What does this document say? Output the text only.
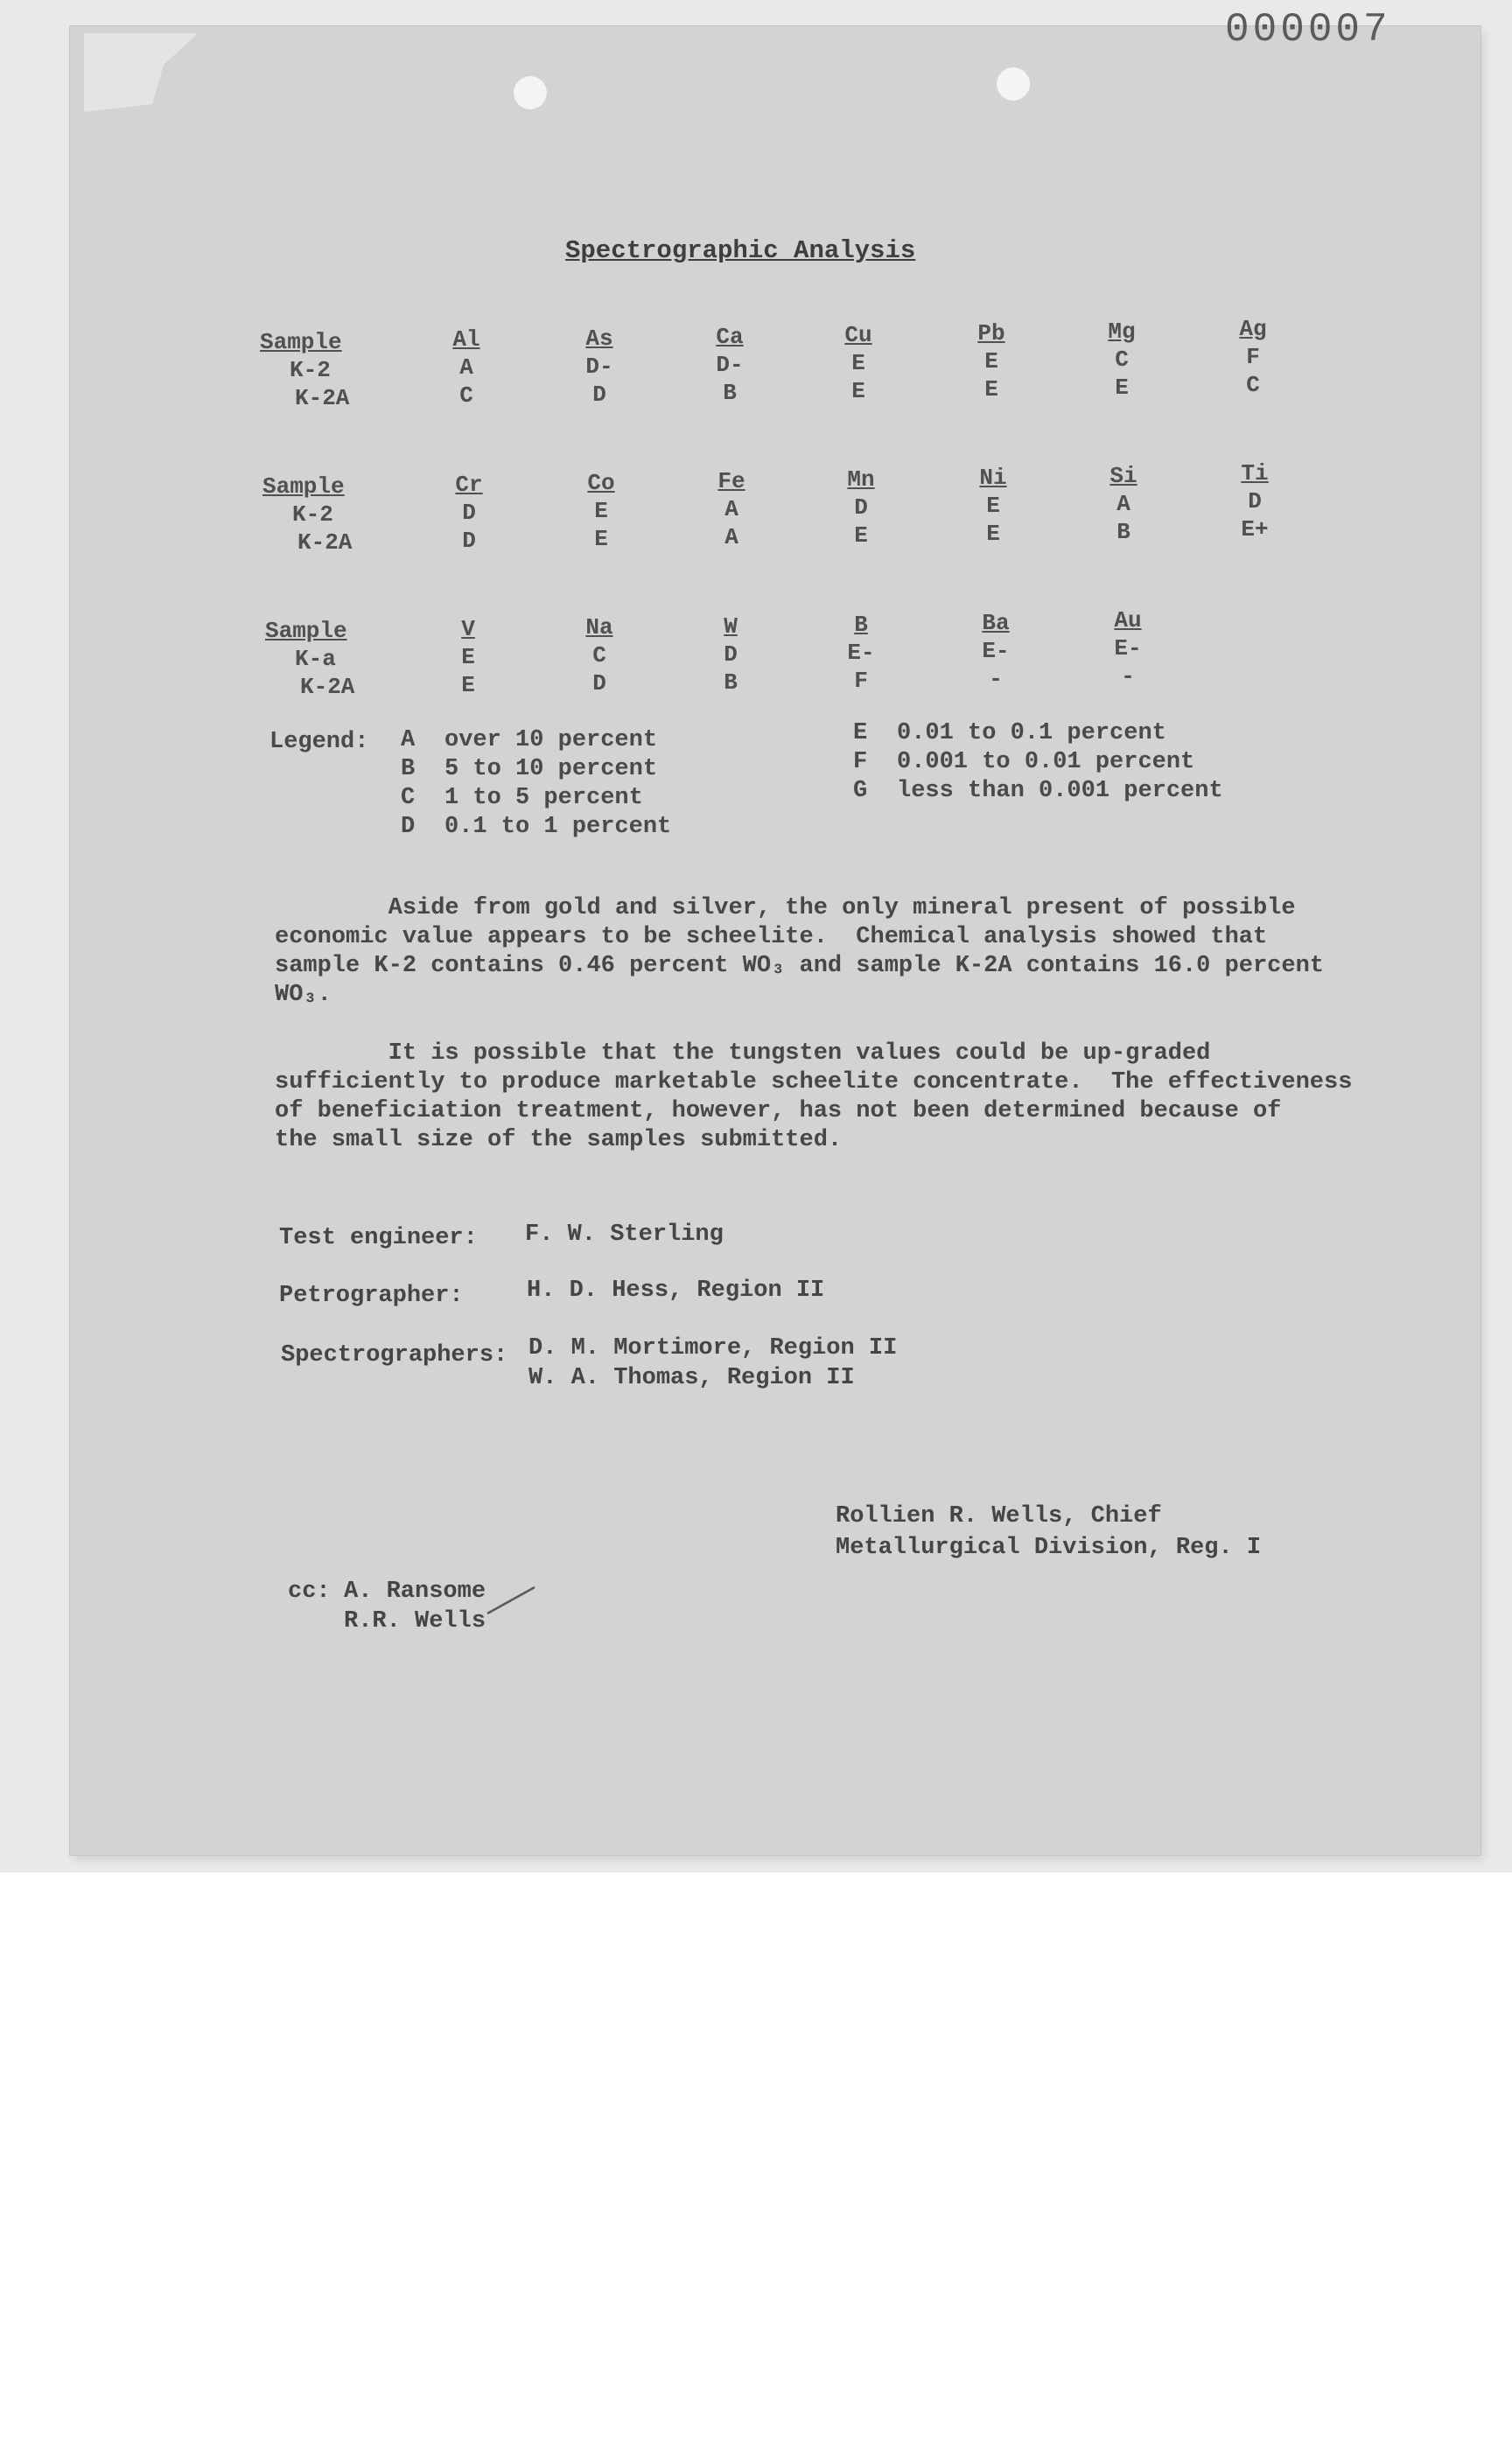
000007
Spectrographic Analysis
Sample
K-2
K-2A
Al
A
C
As
D-
D
Ca
D-
B
Cu
E
E
Pb
E
E
Mg
C
E
Ag
F
C
Sample
K-2
K-2A
Cr
D
D
Co
E
E
Fe
A
A
Mn
D
E
Ni
E
E
Si
A
B
Ti
D
E+
Sample
K-a
K-2A
V
E
E
Na
C
D
W
D
B
B
E-
F
Ba
E-
-
Au
E-
-
Legend: A over 10 percent
B 5 to 10 percent
C 1 to 5 percent
D 0.1 to 1 percent
E 0.01 to 0.1 percent
F 0.001 to 0.01 percent
G less than 0.001 percent
Aside from gold and silver, the only mineral present of possible
economic value appears to be scheelite.  Chemical analysis showed that
sample K-2 contains 0.46 percent WO₃ and sample K-2A contains 16.0 percent
WO₃.
It is possible that the tungsten values could be up-graded
sufficiently to produce marketable scheelite concentrate.  The effectiveness
of beneficiation treatment, however, has not been determined because of
the small size of the samples submitted.
Test engineer: F. W. Sterling
Petrographer:	H. D. Hess, Region II
Spectrographers: D. M. Mortimore, Region II
W. A. Thomas, Region II
Rollien R. Wells, Chief
Metallurgical Division, Reg. I
cc: A. Ransome
R.R. Wells
